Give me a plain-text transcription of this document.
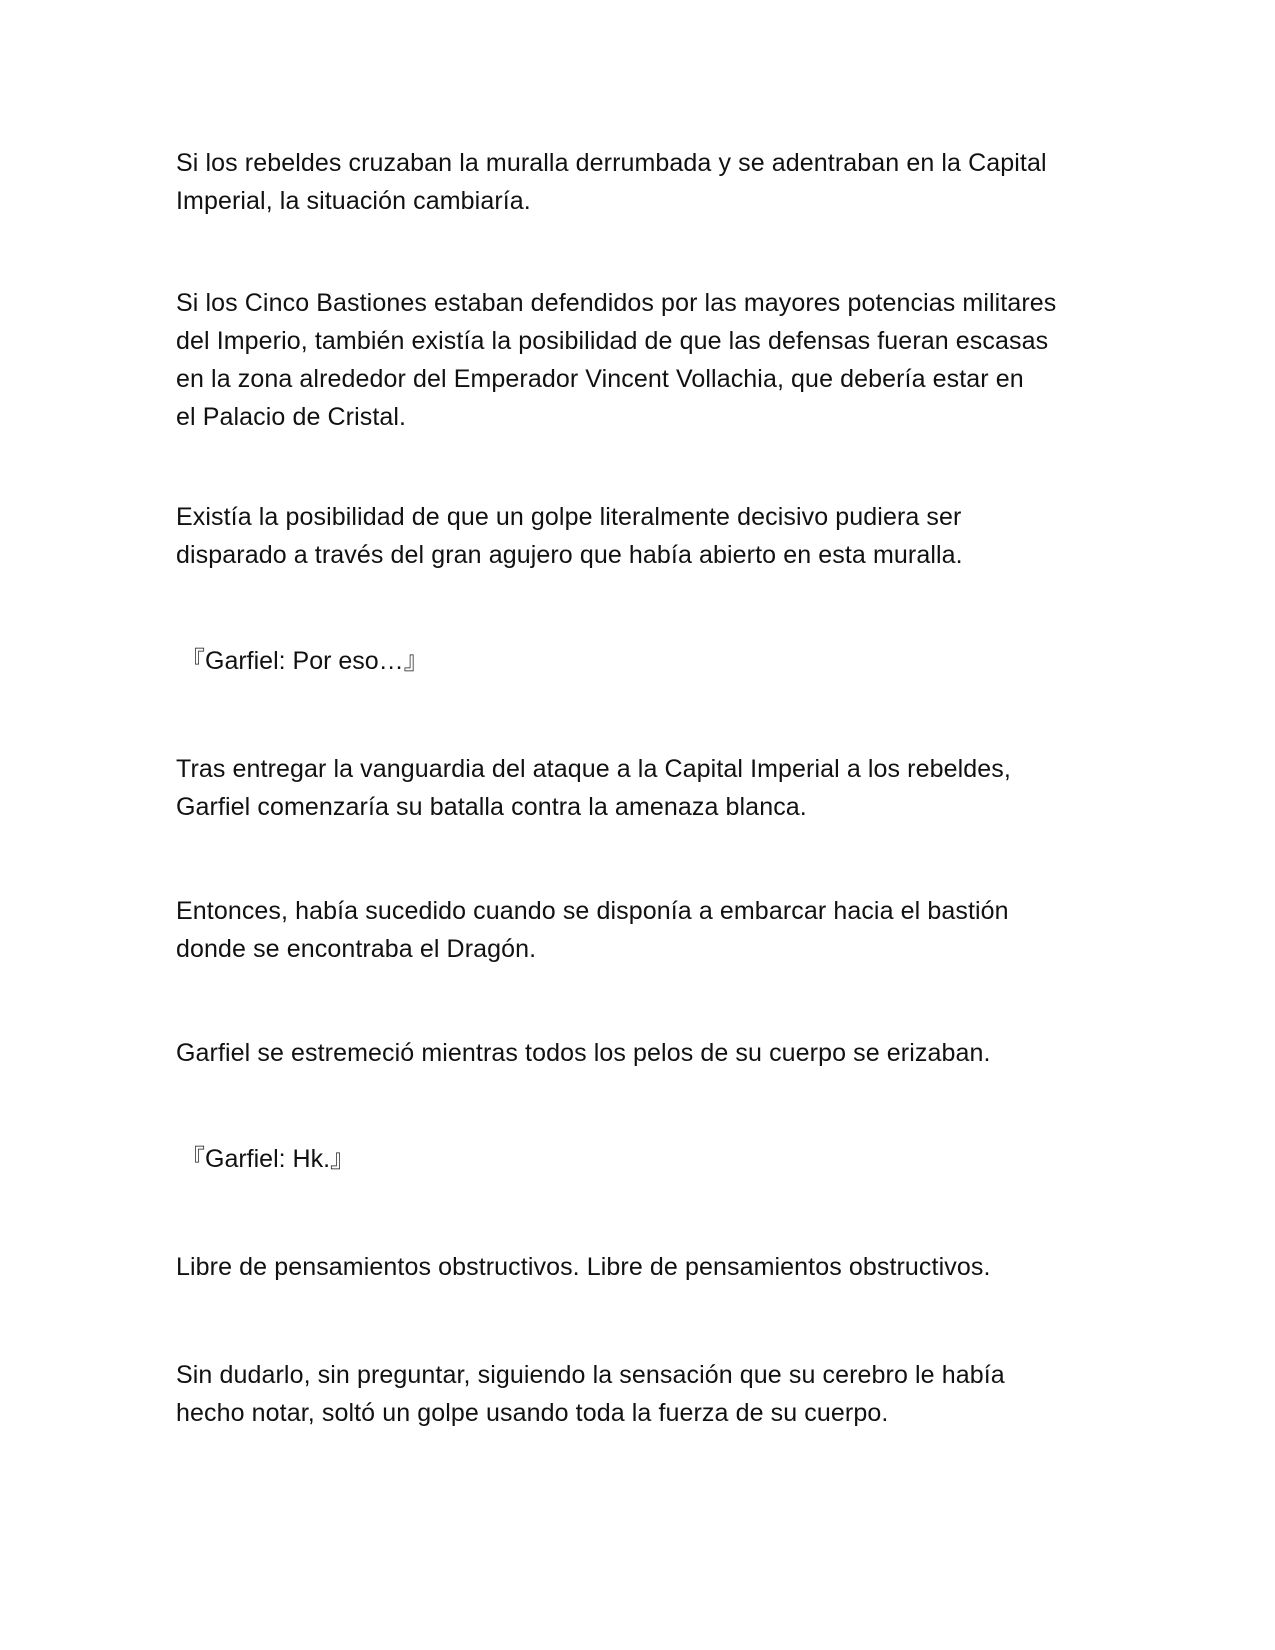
Si los rebeldes cruzaban la muralla derrumbada y se adentraban en la Capital
Imperial, la situación cambiaría.

Si los Cinco Bastiones estaban defendidos por las mayores potencias militares
del Imperio, también existía la posibilidad de que las defensas fueran escasas
en la zona alrededor del Emperador Vincent Vollachia, que debería estar en
el Palacio de Cristal.

Existía la posibilidad de que un golpe literalmente decisivo pudiera ser
disparado a través del gran agujero que había abierto en esta muralla.

『Garfiel: Por eso…』

Tras entregar la vanguardia del ataque a la Capital Imperial a los rebeldes,
Garfiel comenzaría su batalla contra la amenaza blanca.

Entonces, había sucedido cuando se disponía a embarcar hacia el bastión
donde se encontraba el Dragón.

Garfiel se estremeció mientras todos los pelos de su cuerpo se erizaban.

『Garfiel: Hk.』

Libre de pensamientos obstructivos. Libre de pensamientos obstructivos.

Sin dudarlo, sin preguntar, siguiendo la sensación que su cerebro le había
hecho notar, soltó un golpe usando toda la fuerza de su cuerpo.
